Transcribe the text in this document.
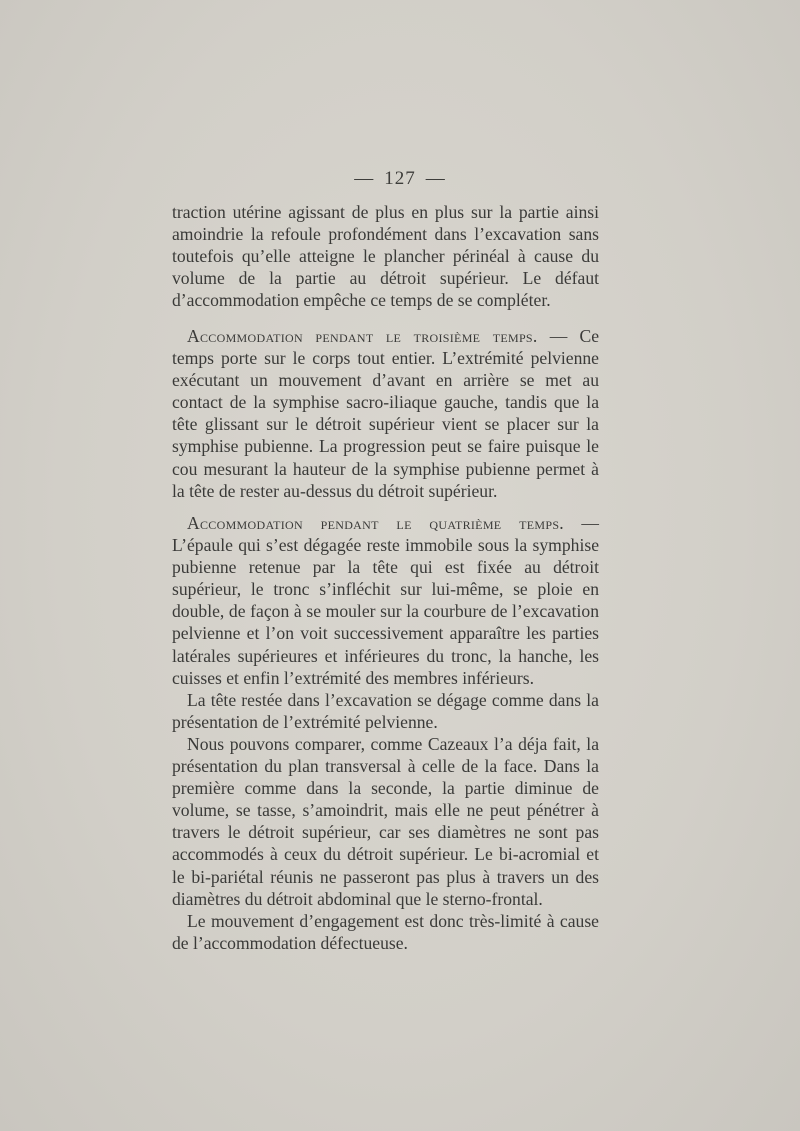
— 127 —

traction utérine agissant de plus en plus sur la partie ainsi amoindrie la refoule profondément dans l’excavation sans toutefois qu’elle atteigne le plancher périnéal à cause du volume de la partie au détroit supérieur. Le défaut d’accommodation empêche ce temps de se compléter.

Accommodation pendant le troisième temps. — Ce temps porte sur le corps tout entier. L’extrémité pelvienne exécutant un mouvement d’avant en arrière se met au contact de la symphise sacro-iliaque gauche, tandis que la tête glissant sur le détroit supérieur vient se placer sur la symphise pubienne. La progression peut se faire puisque le cou mesurant la hauteur de la symphise pubienne permet à la tête de rester au-dessus du détroit supérieur.

Accommodation pendant le quatrième temps. — L’épaule qui s’est dégagée reste immobile sous la symphise pubienne retenue par la tête qui est fixée au détroit supérieur, le tronc s’infléchit sur lui-même, se ploie en double, de façon à se mouler sur la courbure de l’excavation pelvienne et l’on voit successivement apparaître les parties latérales supérieures et inférieures du tronc, la hanche, les cuisses et enfin l’extrémité des membres inférieurs.

La tête restée dans l’excavation se dégage comme dans la présentation de l’extrémité pelvienne.

Nous pouvons comparer, comme Cazeaux l’a déja fait, la présentation du plan transversal à celle de la face. Dans la première comme dans la seconde, la partie diminue de volume, se tasse, s’amoindrit, mais elle ne peut pénétrer à travers le détroit supérieur, car ses diamètres ne sont pas accommodés à ceux du détroit supérieur. Le bi-acromial et le bi-pariétal réunis ne passeront pas plus à travers un des diamètres du détroit abdominal que le sterno-frontal.

Le mouvement d’engagement est donc très-limité à cause de l’accommodation défectueuse.
